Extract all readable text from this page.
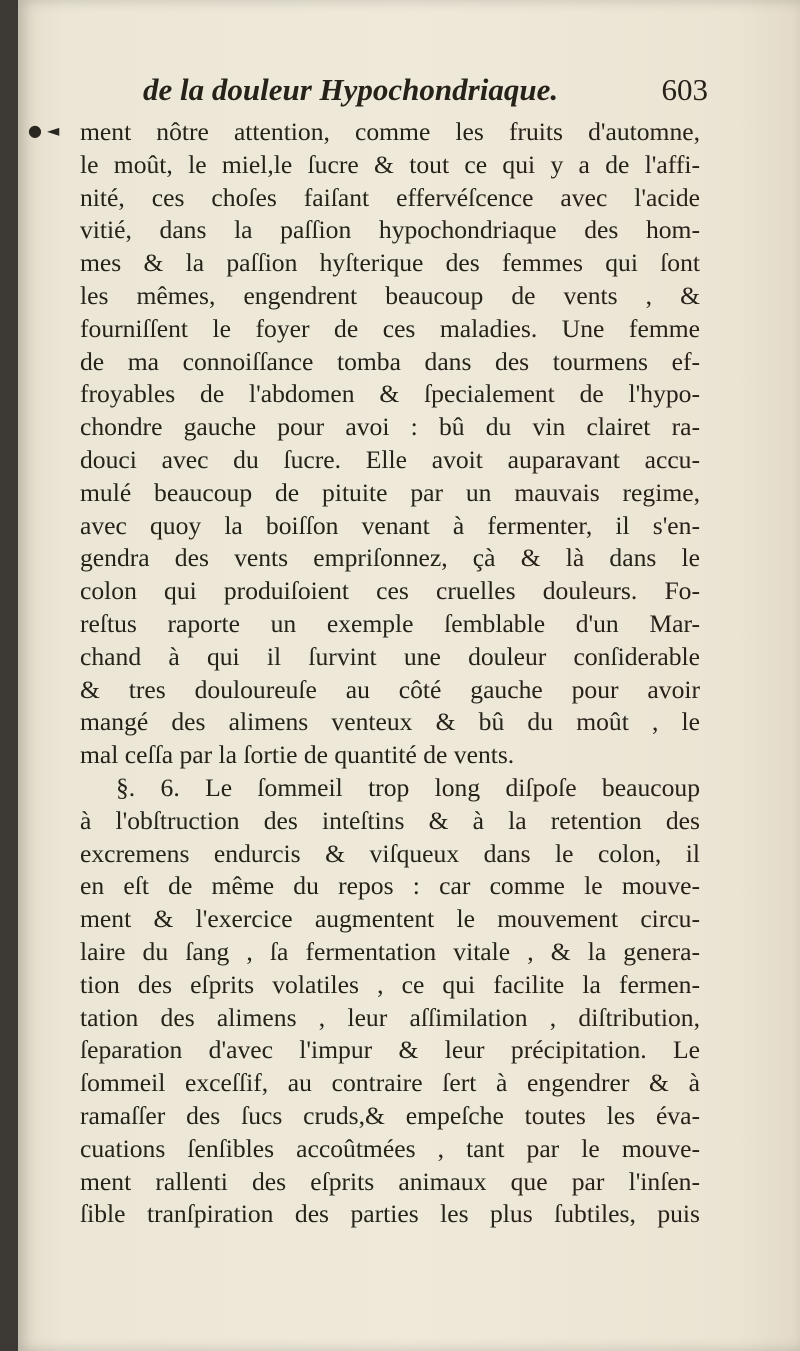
● ◄
de la douleur Hypochondriaque.	603
ment nôtre attention, comme les fruits d'automne,
le moût, le miel,le ſucre & tout ce qui y a de l'affi-
nité, ces choſes faiſant effervéſcence avec l'acide
vitié, dans la paſſion hypochondriaque des hom-
mes & la paſſion hyſterique des femmes qui ſont
les mêmes, engendrent beaucoup de vents , &
fourniſſent le foyer de ces maladies. Une femme
de ma connoiſſance tomba dans des tourmens ef-
froyables de l'abdomen & ſpecialement de l'hypo-
chondre gauche pour avoi : bû du vin clairet ra-
douci avec du ſucre. Elle avoit auparavant accu-
mulé beaucoup de pituite par un mauvais regime,
avec quoy la boiſſon venant à fermenter, il s'en-
gendra des vents empriſonnez, çà & là dans le
colon qui produiſoient ces cruelles douleurs. Fo-
reſtus raporte un exemple ſemblable d'un Mar-
chand à qui il ſurvint une douleur conſiderable
& tres douloureuſe au côté gauche pour avoir
mangé des alimens venteux & bû du moût , le
mal ceſſa par la ſortie de quantité de vents.
§. 6. Le ſommeil trop long diſpoſe beaucoup
à l'obſtruction des inteſtins & à la retention des
excremens endurcis & viſqueux dans le colon, il
en eſt de même du repos : car comme le mouve-
ment & l'exercice augmentent le mouvement circu-
laire du ſang , ſa fermentation vitale , & la genera-
tion des eſprits volatiles , ce qui facilite la fermen-
tation des alimens , leur aſſimilation , diſtribution,
ſeparation d'avec l'impur & leur précipitation. Le
ſommeil exceſſif, au contraire ſert à engendrer & à
ramaſſer des ſucs cruds,& empeſche toutes les éva-
cuations ſenſibles accoûtmées , tant par le mouve-
ment rallenti des eſprits animaux que par l'inſen-
ſible tranſpiration des parties les plus ſubtiles, puis
